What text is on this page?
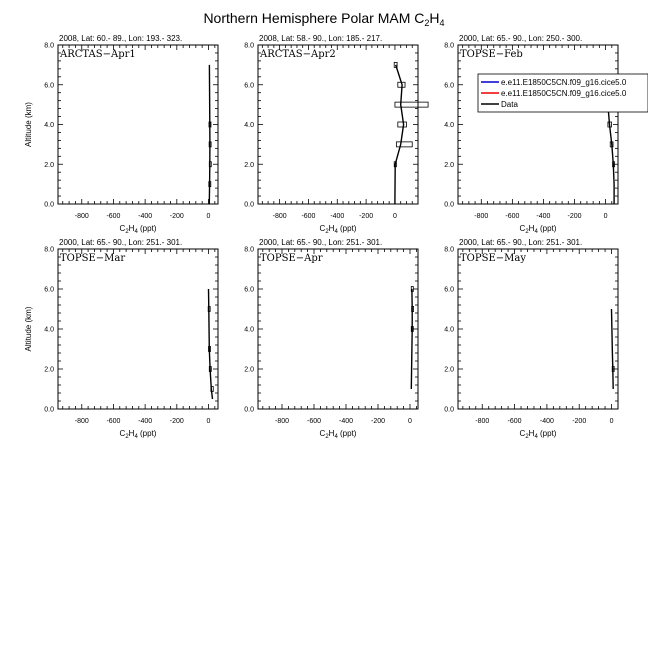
Northern Hemisphere Polar MAM $C_2H_4$
2008, Lat: 60.- 89., Lon: 193.- 323.
ARCTAS−Apr1
0.0
2.0
4.0
6.0
8.0
-800	-600	-400	-200	0
$C_2H_4$ (ppt)
Altitude (km)
2008, Lat: 58.- 90., Lon: 185.- 217.
ARCTAS−Apr2
0.0
2.0
4.0
6.0
8.0
-800 -600 -400 -200	0
$C_2H_4$ (ppt)
2000, Lat: 65.- 90., Lon: 250.- 300.
TOPSE−Feb
0.0
2.0
4.0
6.0
8.0
-800 -600 -400 -200	0
$C_2H_4$ (ppt)
e.e11.E1850C5CN.f09_g16.cice5.0
e.e11.E1850C5CN.f09_g16.cice5.0
Data
2000, Lat: 65.- 90., Lon: 251.- 301.
TOPSE−Mar
0.0
2.0
4.0
6.0
8.0
-800	-600	-400	-200	0
$C_2H_4$ (ppt)
Altitude (km)
2000, Lat: 65.- 90., Lon: 251.- 301.
TOPSE−Apr
0.0
2.0
4.0
6.0
8.0
-800	-600	-400	-200	0
$C_2H_4$ (ppt)
2000, Lat: 65.- 90., Lon: 251.- 301.
TOPSE−May
0.0
2.0
4.0
6.0
8.0
-800	-600	-400	-200	0
$C_2H_4$ (ppt)
